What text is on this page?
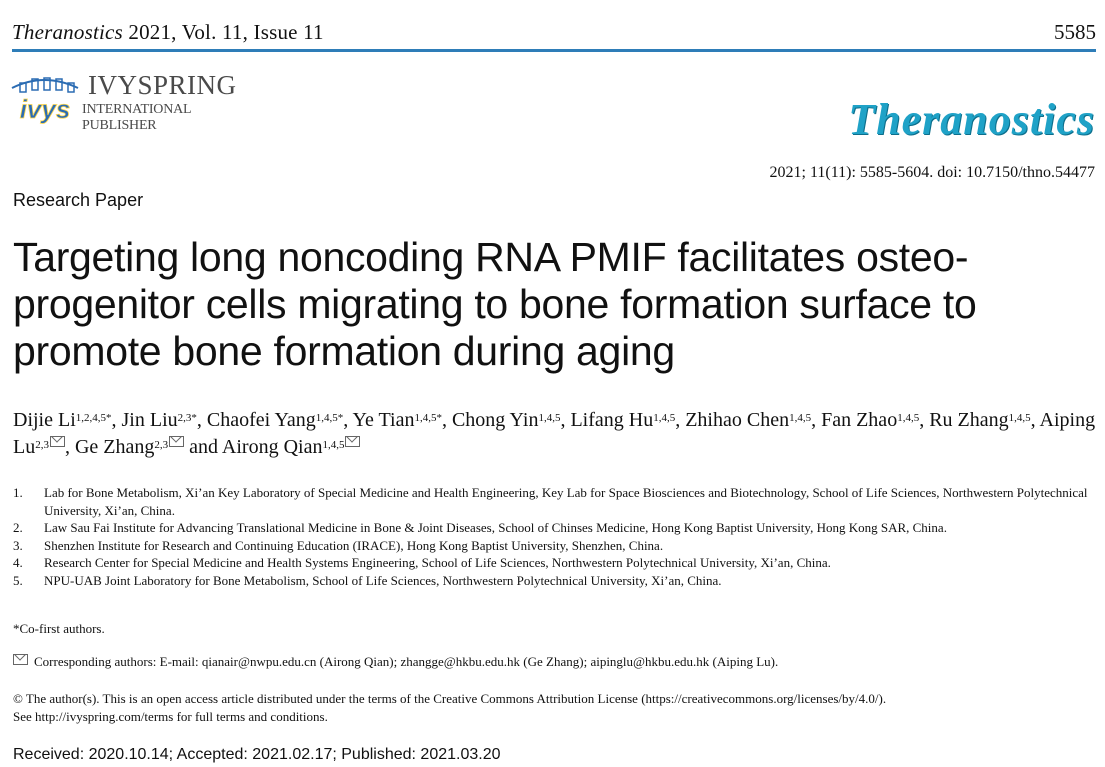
Theranostics 2021, Vol. 11, Issue 11	5585
ivys
IVYSPRING
INTERNATIONAL PUBLISHER	Theranostics
2021; 11(11): 5585-5604. doi: 10.7150/thno.54477
Research Paper
Targeting long noncoding RNA PMIF facilitates osteo-
progenitor cells migrating to bone formation surface to
promote bone formation during aging
Dijie $Li^{1,2,4,5*}$, Jin Liu$^{2,3*}$, Chaofei Yang$^{1,4,5*}$, Ye Tian$^{1,4,5*}$, Chong Yin$^{1,4,5}$, Lifang Hu$^{1,4,5}$, Zhihao Chen$^{1,4,5}$, Fan Zhao$^{1,4,5}$, Ru Zhang$^{1,4,5}$, Aiping Lu$^{2,3}$ , Ge Zhang$^{2,3}$ and Airong Qian$^{1,4,5}$
1.	Lab for Bone Metabolism, Xi’an Key Laboratory of Special Medicine and Health Engineering, Key Lab for Space Biosciences and Biotechnology, School of Life Sciences, Northwestern Polytechnical University, Xi’an, China.
2.	Law Sau Fai Institute for Advancing Translational Medicine in Bone & Joint Diseases, School of Chinses Medicine, Hong Kong Baptist University, Hong Kong SAR, China.
3.	Shenzhen Institute for Research and Continuing Education (IRACE), Hong Kong Baptist University, Shenzhen, China.
4.	Research Center for Special Medicine and Health Systems Engineering, School of Life Sciences, Northwestern Polytechnical University, Xi’an, China.
5.	NPU-UAB Joint Laboratory for Bone Metabolism, School of Life Sciences, Northwestern Polytechnical University, Xi’an, China.
*Co-first authors.
Corresponding authors: E-mail: qianair@nwpu.edu.cn (Airong Qian); zhangge@hkbu.edu.hk (Ge Zhang); aipinglu@hkbu.edu.hk (Aiping Lu).
© The author(s). This is an open access article distributed under the terms of the Creative Commons Attribution License (https://creativecommons.org/licenses/by/4.0/).
See http://ivyspring.com/terms for full terms and conditions.
Received: 2020.10.14; Accepted: 2021.02.17; Published: 2021.03.20
